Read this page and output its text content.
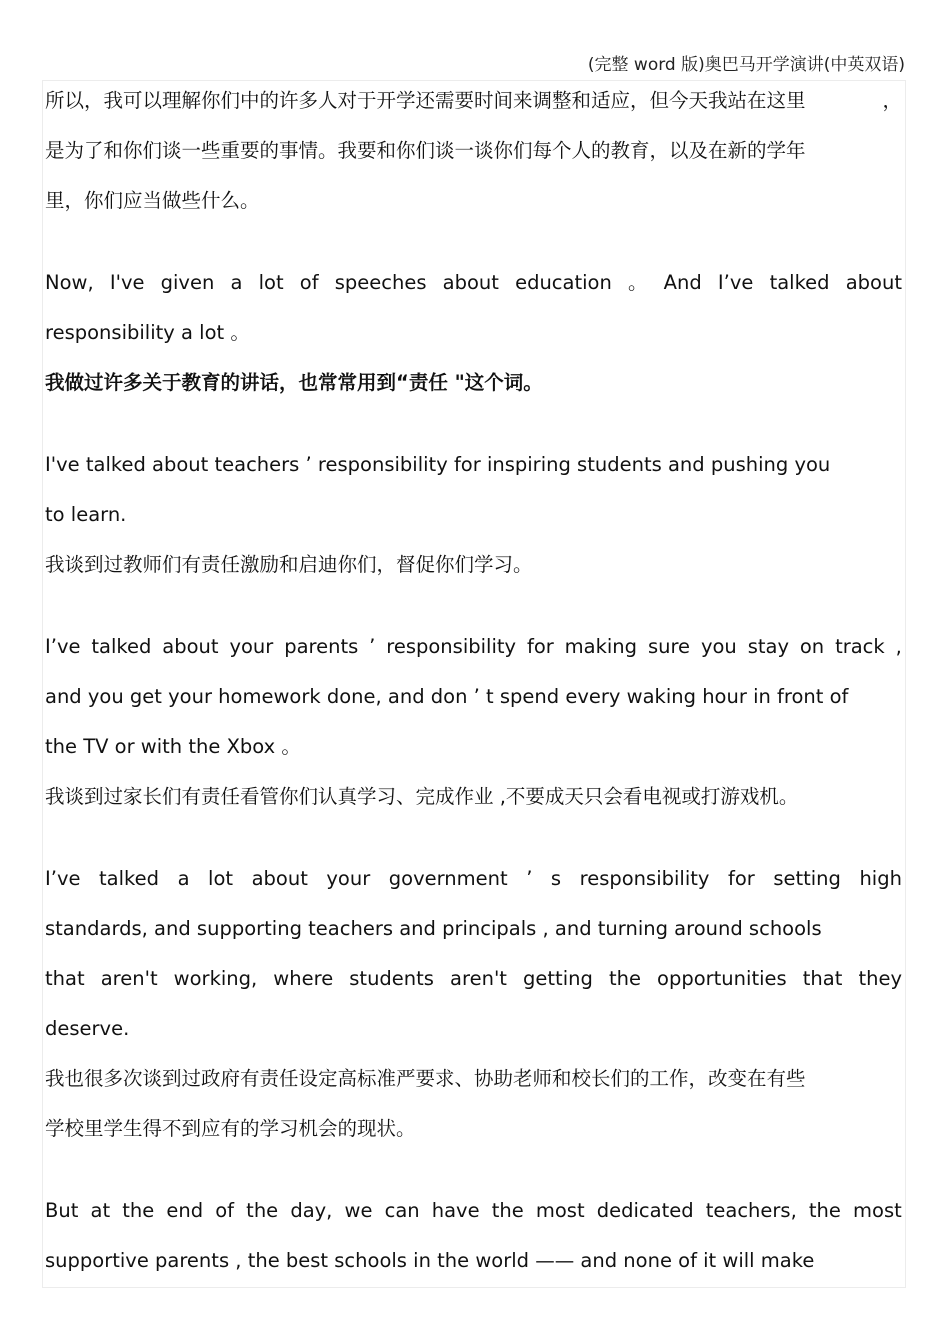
(完整 word 版)奥巴马开学演讲(中英双语)
所以，我可以理解你们中的许多人对于开学还需要时间来调整和适应，但今天我站在这里	，
是为了和你们谈一些重要的事情。我要和你们谈一谈你们每个人的教育，以及在新的学年
里，你们应当做些什么。
Now, I've given a lot of speeches about education 。 And I’ve talked about
responsibility a lot 。
我做过许多关于教育的讲话，也常常用到“责任 "这个词。
I've talked about teachers ’ responsibility for inspiring students and pushing you
to learn.
我谈到过教师们有责任激励和启迪你们，督促你们学习。
I’ve talked about your parents ’ responsibility for making sure you stay on track ,
and you get your homework done, and don ’ t spend every waking hour in front of
the TV or with the Xbox 。
我谈到过家长们有责任看管你们认真学习、完成作业 ,不要成天只会看电视或打游戏机。
I’ve talked a lot about your government ’ s responsibility for setting high
standards, and supporting teachers and principals , and turning around schools
that aren't working, where students aren't getting the opportunities that they
deserve.
我也很多次谈到过政府有责任设定高标准严要求、协助老师和校长们的工作，改变在有些
学校里学生得不到应有的学习机会的现状。
But at the end of the day, we can have the most dedicated teachers, the most
supportive parents , the best schools in the world —— and none of it will make
